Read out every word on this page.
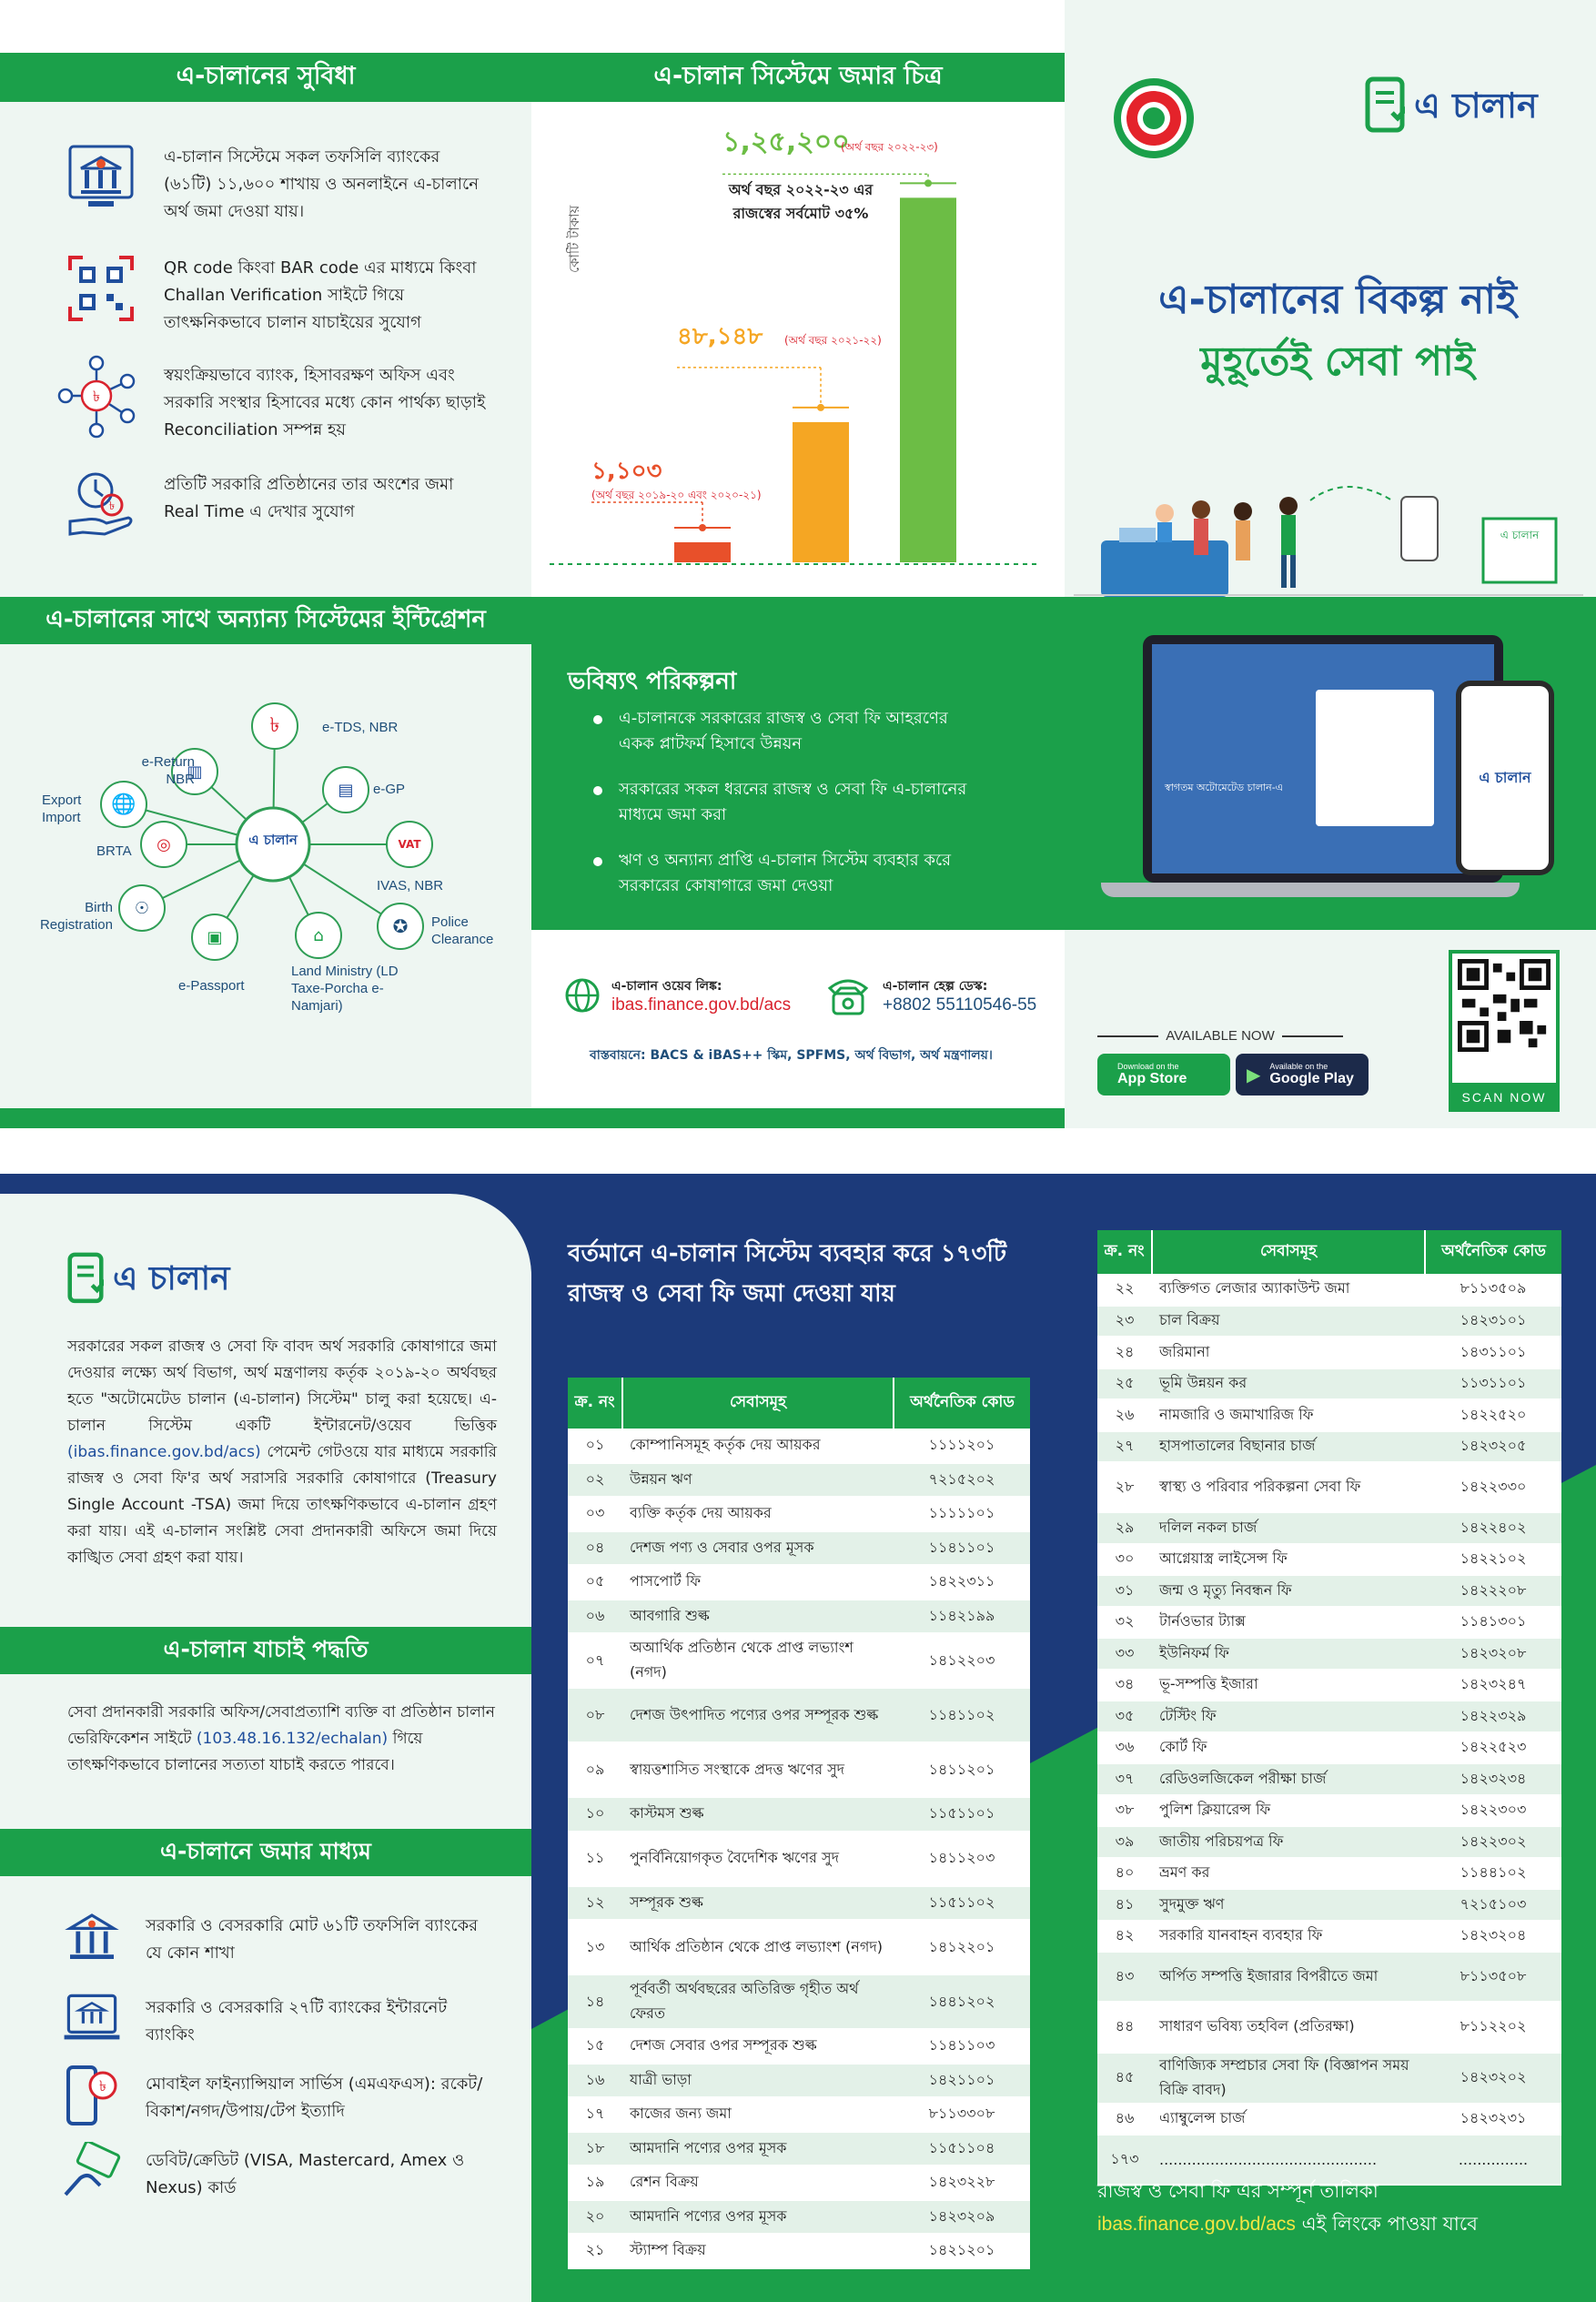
এ-চালানের সুবিধা
এ-চালান সিস্টেমে সকল তফসিলি ব্যাংকের (৬১টি) ১১,৬০০ শাখায় ও অনলাইনে এ-চালানে অর্থ জমা দেওয়া যায়।
QR code কিংবা BAR code এর মাধ্যমে কিংবা Challan Verification সাইটে গিয়ে তাৎক্ষনিকভাবে চালান যাচাইয়ের সুযোগ
৳
স্বয়ংক্রিয়ভাবে ব্যাংক, হিসাবরক্ষণ অফিস এবং সরকারি সংস্থার হিসাবের মধ্যে কোন পার্থক্য ছাড়াই Reconciliation সম্পন্ন হয়
৳
প্রতিটি সরকারি প্রতিষ্ঠানের তার অংশের জমা Real Time এ দেখার সুযোগ
এ-চালান সিস্টেমে জমার চিত্র
কোটি টাকায়
১,১০৩
(অর্থ বছর ২০১৯-২০ এবং ২০২০-২১)
৪৮,১৪৮ (অর্থ বছর ২০২১-২২)
১,২৫,২০০
(অর্থ বছর ২০২২-২৩)
অর্থ বছর ২০২২-২৩ এর রাজস্বের সর্বমোট ৩৫%
এ চালান
এ-চালানের বিকল্প নাই
মুহূর্তেই সেবা পাই
এ চালান
এ-চালানের সাথে অন্যান্য সিস্টেমের ইন্টিগ্রেশন
এ চালান
৳
▤
VAT
✪
⌂
▣
☉
◎
🌐
▥
e-TDS, NBR
e-GP
IVAS, NBR
Police Clearance
Land Ministry (LD Taxe-Porcha e-Namjari)
e-Passport
Birth Registration
BRTA
Export Import
e-Return NBR
ভবিষ্যৎ পরিকল্পনা
এ-চালানকে সরকারের রাজস্ব ও সেবা ফি আহরণের একক প্লাটফর্ম হিসাবে উন্নয়ন
সরকারের সকল ধরনের রাজস্ব ও সেবা ফি এ-চালানের মাধ্যমে জমা করা
ঋণ ও অন্যান্য প্রাপ্তি এ-চালান সিস্টেম ব্যবহার করে সরকারের কোষাগারে জমা দেওয়া
স্বাগতম অটোমেটেড চালান-এ
এ চালান
এ-চালান ওয়েব লিঙ্ক:
ibas.finance.gov.bd/acs
এ-চালান হেল্প ডেস্ক:
+8802 55110546-55
বাস্তবায়নে: BACS & iBAS++ স্কিম, SPFMS, অর্থ বিভাগ, অর্থ মন্ত্রণালয়।
AVAILABLE NOW
Download on the
App Store	▶ Available on the
Google Play
SCAN NOW
এ চালান
সরকারের সকল রাজস্ব ও সেবা ফি বাবদ অর্থ সরকারি কোষাগারে জমা দেওয়ার লক্ষ্যে অর্থ বিভাগ, অর্থ মন্ত্রণালয় কর্তৃক ২০১৯-২০ অর্থবছর হতে "অটোমেটেড চালান (এ-চালান) সিস্টেম" চালু করা হয়েছে। এ-চালান সিস্টেম একটি ইন্টারনেট/ওয়েব ভিত্তিক (ibas.finance.gov.bd/acs) পেমেন্ট গেটওয়ে যার মাধ্যমে সরকারি রাজস্ব ও সেবা ফি'র অর্থ সরাসরি সরকারি কোষাগারে (Treasury Single Account -TSA) জমা দিয়ে তাৎক্ষণিকভাবে এ-চালান গ্রহণ করা যায়। এই এ-চালান সংশ্লিষ্ট সেবা প্রদানকারী অফিসে জমা দিয়ে কাঙ্খিত সেবা গ্রহণ করা যায়।
এ-চালান যাচাই পদ্ধতি
সেবা প্রদানকারী সরকারি অফিস/সেবাপ্রত্যাশি ব্যক্তি বা প্রতিষ্ঠান চালান ভেরিফিকেশন সাইটে (103.48.16.132/echalan) গিয়ে তাৎক্ষণিকভাবে চালানের সত্যতা যাচাই করতে পারবে।
এ-চালানে জমার মাধ্যম
সরকারি ও বেসরকারি মোট ৬১টি তফসিলি ব্যাংকের যে কোন শাখা
সরকারি ও বেসরকারি ২৭টি ব্যাংকের ইন্টারনেট ব্যাংকিং
৳ মোবাইল ফাইন্যান্সিয়াল সার্ভিস (এমএফএস): রকেট/বিকাশ/নগদ/উপায়/টেপ ইত্যাদি
ডেবিট/ক্রেডিট (VISA, Mastercard, Amex ও Nexus) কার্ড
বর্তমানে এ-চালান সিস্টেম ব্যবহার করে ১৭৩টি রাজস্ব ও সেবা ফি জমা দেওয়া যায়
ক্র. নং	সেবাসমূহ	অর্থনৈতিক কোড
০১	কোম্পানিসমূহ কর্তৃক দেয় আয়কর	১১১১২০১
০২	উন্নয়ন ঋণ	৭২১৫২০২
০৩	ব্যক্তি কর্তৃক দেয় আয়কর	১১১১১০১
০৪	দেশজ পণ্য ও সেবার ওপর মূসক	১১৪১১০১
০৫	পাসপোর্ট ফি	১৪২২৩১১
০৬	আবগারি শুল্ক	১১৪২১৯৯
০৭	অআর্থিক প্রতিষ্ঠান থেকে প্রাপ্ত লভ্যাংশ (নগদ)	১৪১২২০৩
০৮	দেশজ উৎপাদিত পণ্যের ওপর সম্পূরক শুল্ক	১১৪১১০২
০৯	স্বায়ত্তশাসিত সংস্থাকে প্রদত্ত ঋণের সুদ	১৪১১২০১
১০	কাস্টমস শুল্ক	১১৫১১০১
১১	পুনর্বিনিয়োগকৃত বৈদেশিক ঋণের সুদ	১৪১১২০৩
১২	সম্পূরক শুল্ক	১১৫১১০২
১৩	আর্থিক প্রতিষ্ঠান থেকে প্রাপ্ত লভ্যাংশ (নগদ)	১৪১২২০১
১৪	পূর্ববর্তী অর্থবছরের অতিরিক্ত গৃহীত অর্থ ফেরত	১৪৪১২০২
১৫	দেশজ সেবার ওপর সম্পূরক শুল্ক	১১৪১১০৩
১৬	যাত্রী ভাড়া	১৪২১১০১
১৭	কাজের জন্য জমা	৮১১৩৩০৮
১৮	আমদানি পণ্যের ওপর মূসক	১১৫১১০৪
১৯	রেশন বিক্রয়	১৪২৩২২৮
২০	আমদানি পণ্যের ওপর মূসক	১৪২৩২০৯
২১	স্ট্যাম্প বিক্রয়	১৪২১২০১
ক্র. নং	সেবাসমূহ	অর্থনৈতিক কোড
২২	ব্যক্তিগত লেজার অ্যাকাউন্ট জমা	৮১১৩৫০৯
২৩	চাল বিক্রয়	১৪২৩১০১
২৪	জরিমানা	১৪৩১১০১
২৫	ভূমি উন্নয়ন কর	১১৩১১০১
২৬	নামজারি ও জমাখারিজ ফি	১৪২২৫২০
২৭	হাসপাতালের বিছানার চার্জ	১৪২৩২০৫
২৮	স্বাস্থ্য ও পরিবার পরিকল্পনা সেবা ফি	১৪২২৩৩০
২৯	দলিল নকল চার্জ	১৪২২৪০২
৩০	আগ্নেয়াস্ত্র লাইসেন্স ফি	১৪২২১০২
৩১	জন্ম ও মৃত্যু নিবন্ধন ফি	১৪২২২০৮
৩২	টার্নওভার ট্যাক্স	১১৪১৩০১
৩৩	ইউনিফর্ম ফি	১৪২৩২০৮
৩৪	ভূ-সম্পত্তি ইজারা	১৪২৩২৪৭
৩৫	টেস্টিং ফি	১৪২২৩২৯
৩৬	কোর্ট ফি	১৪২২৫২৩
৩৭	রেডিওলজিকেল পরীক্ষা চার্জ	১৪২৩২৩৪
৩৮	পুলিশ ক্লিয়ারেন্স ফি	১৪২২৩০৩
৩৯	জাতীয় পরিচয়পত্র ফি	১৪২২৩০২
৪০	ভ্রমণ কর	১১৪৪১০২
৪১	সুদমুক্ত ঋণ	৭২১৫১০৩
৪২	সরকারি যানবাহন ব্যবহার ফি	১৪২৩২০৪
৪৩	অর্পিত সম্পত্তি ইজারার বিপরীতে জমা	৮১১৩৫০৮
৪৪	সাধারণ ভবিষ্য তহবিল (প্রতিরক্ষা)	৮১১২২০২
৪৫	বাণিজ্যিক সম্প্রচার সেবা ফি (বিজ্ঞাপন সময় বিক্রি বাবদ)	১৪২৩২০২
৪৬	এ্যাম্বুলেন্স চার্জ	১৪২৩২৩১
১৭৩	...............................................	...............
রাজস্ব ও সেবা ফি এর সম্পূর্ন তালিকা
ibas.finance.gov.bd/acs এই লিংকে পাওয়া যাবে
